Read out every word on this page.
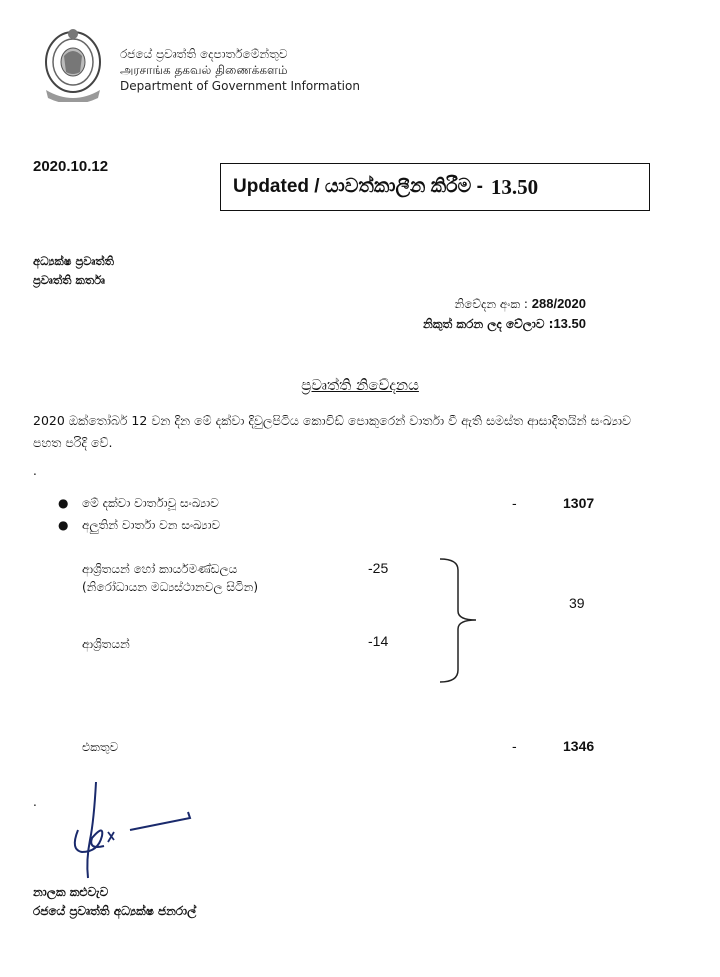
රජයේ ප්‍රවෘත්ති දෙපාර්තමේන්තුව
அரசாங்க தகவல் திணைக்களம்
Department of Government Information
2020.10.12
Updated / යාවත්කාලීන කිරීම - 13.50
අධ්‍යක්ෂ ප්‍රවෘත්ති
ප්‍රවෘත්ති කර්තෘ
නිවේදන අංක : 288/2020
නිකුත් කරන ලද වේලාව :13.50
ප්‍රවෘත්ති නිවේදනය
2020 ඔක්තෝබර් 12 වන දින මේ දක්වා දිවුලපිටිය කොවිඩ් පොකුරෙන් වාර්තා වී ඇති සමස්ත ආසාදිතයින් සංඛ්‍යාව පහත පරිදි වේ.
.
● මේ දක්වා වාර්තාවූ සංඛ්‍යාව	-	1307
● අලුතින් වාර්තා වන සංඛ්‍යාව
ආශ්‍රිතයන් හෝ කාර්යමණ්ඩලය
(නිරෝධායන මධ්‍යස්ථානවල සිටින)
-25
ආශ්‍රිතයන්	-14
39
එකතුව	-	1346
.
නාලක කළුවැව
රජයේ ප්‍රවෘත්ති අධ්‍යක්ෂ ජනරාල්
